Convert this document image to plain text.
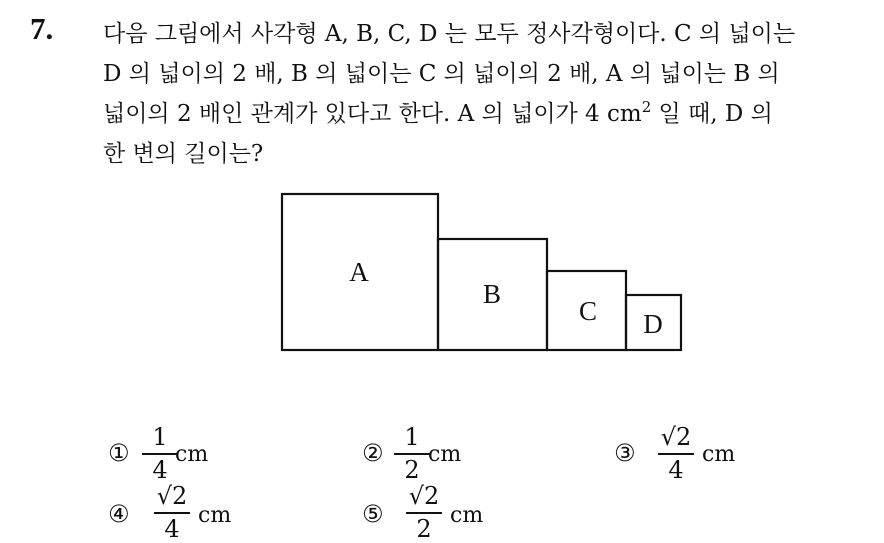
7. 다음 그림에서 사각형 A, B, C, D 는 모두 정사각형이다. C 의 넓이는
D 의 넓이의 2 배, B 의 넓이는 C 의 넓이의 2 배, A 의 넓이는 B 의
넓이의 2 배인 관계가 있다고 한다. A 의 넓이가 4 $cm^2$ 일 때, D 의
한 변의 길이는?
A
B
C D
①
1
4
cm	②
1
2
cm	③
√2
4
cm
④
√2
4 cm	⑤
√2
2 cm
